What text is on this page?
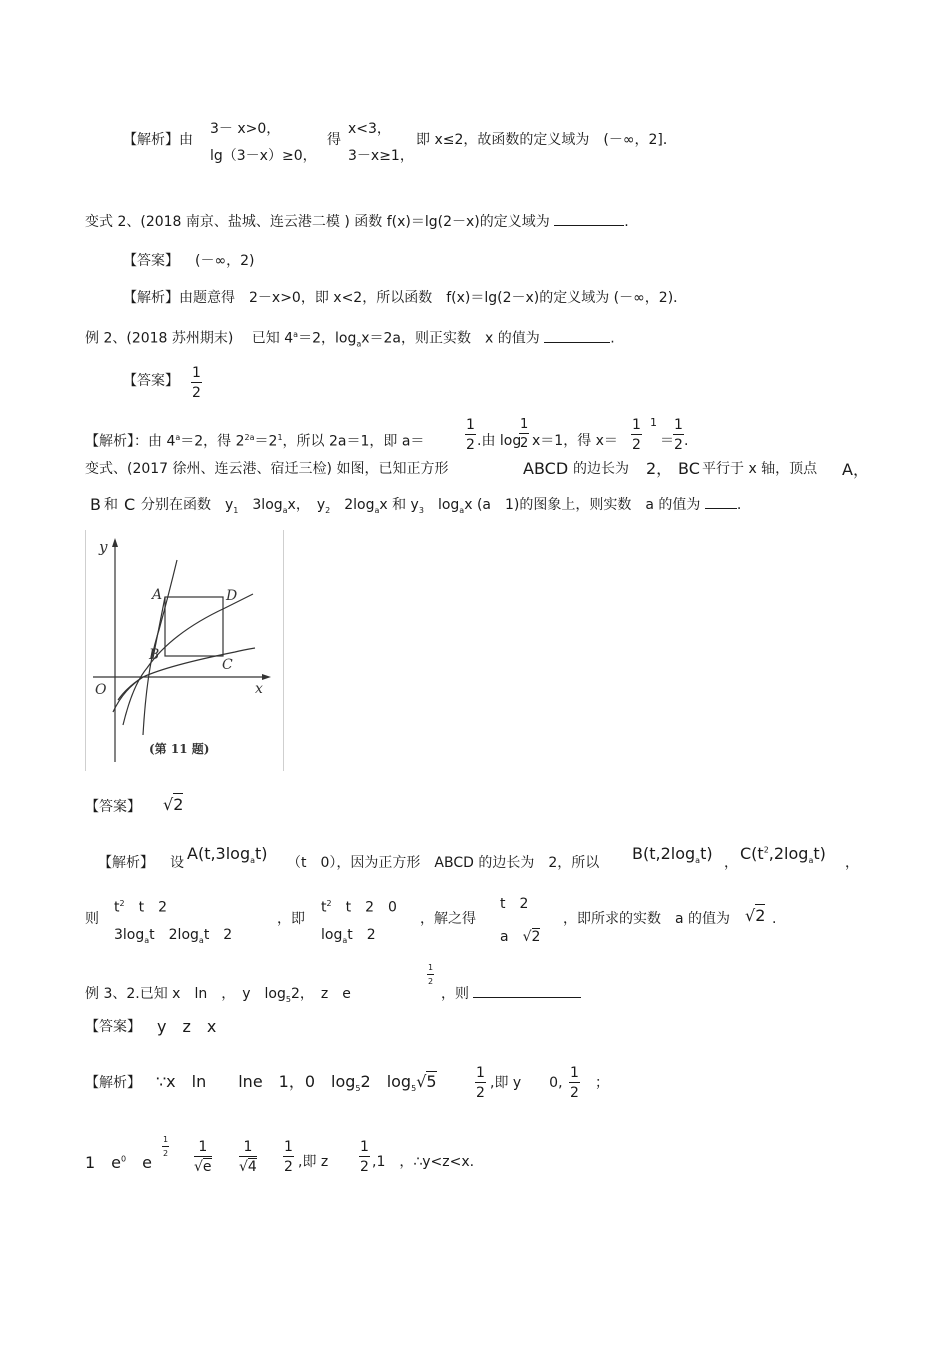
【解析】由
3－ x>0，
lg（3－x）≥0，
得
x<3，
3－x≥1，
即 x≤2，故函数的定义域为　(－∞，2]．
变式 2、(2018 南京、盐城、连云港二模 ) 函数 f(x)＝lg(2－x)的定义域为	.
【答案】 (－∞，2)
【解析】由题意得　2－x>0，即 x<2，所以函数　f(x)＝lg(2－x)的定义域为 (－∞，2)．
例 2、(2018 苏州期末)　 已知 $4^a=2$，$\log_ax=2a$，则正实数　x 的值为	.
【答案】 $\frac{1}{2}$
【解析】：由 $4^a=2$，得 $2^{2a}=2^1$，所以 2a＝1，即 a＝	$\frac{1}{2}$ .由 log
$\frac{1}{2} x=1$，得 $x= \frac{1}{2} 1$
＝ $\frac{1}{2}$ .
变式、(2017 徐州、连云港、宿迁三检) 如图，已知正方形	ABCD 的边长为 2， BC 平行于 x 轴，顶点 A，
B 和 C 分别在函数　$y_1$　 $3\log_ax$，　$y_2$　 $2\log_ax$ 和 $y_3$　 $\log_ax$ (a　1)的图象上，则实数　a 的值为	.
y
x
O
A
B
C
D
(第 11 题)
【答案】 √2
【解析】 设 $A(t,3\log_at)$ （t　0），因为正方形　ABCD 的边长为　2，所以 $B(t,2\log_at)$ ， $C(t^2,2\log_at)$ ，
则
$t^2$　 t　2
$3\log_at$　$2\log_at$　2
，即
$t^2$　 t　2　0
$\log_at$　2
，解之得
t　2
a　 √2
，即所求的实数　a 的值为 √2 .
例 3、2.已知 x　ln　，　y　$\log_52$，　z　e
$\frac{1}{2}$
，则
【答案】 y　z　x
【解析】 ∵x　ln　　lne　1，0　$\log_52$　$\log_5√5$	$\frac{1}{2}$ ,即 y　　0, $\frac{1}{2}$ ；
1　$e^0$　 e
$\frac{1}{2} \frac{1}{√e} \frac{1}{√4} \frac{1}{2}$ ,即 z $\frac{1}{2} ,1$　，∴y<z<x.
